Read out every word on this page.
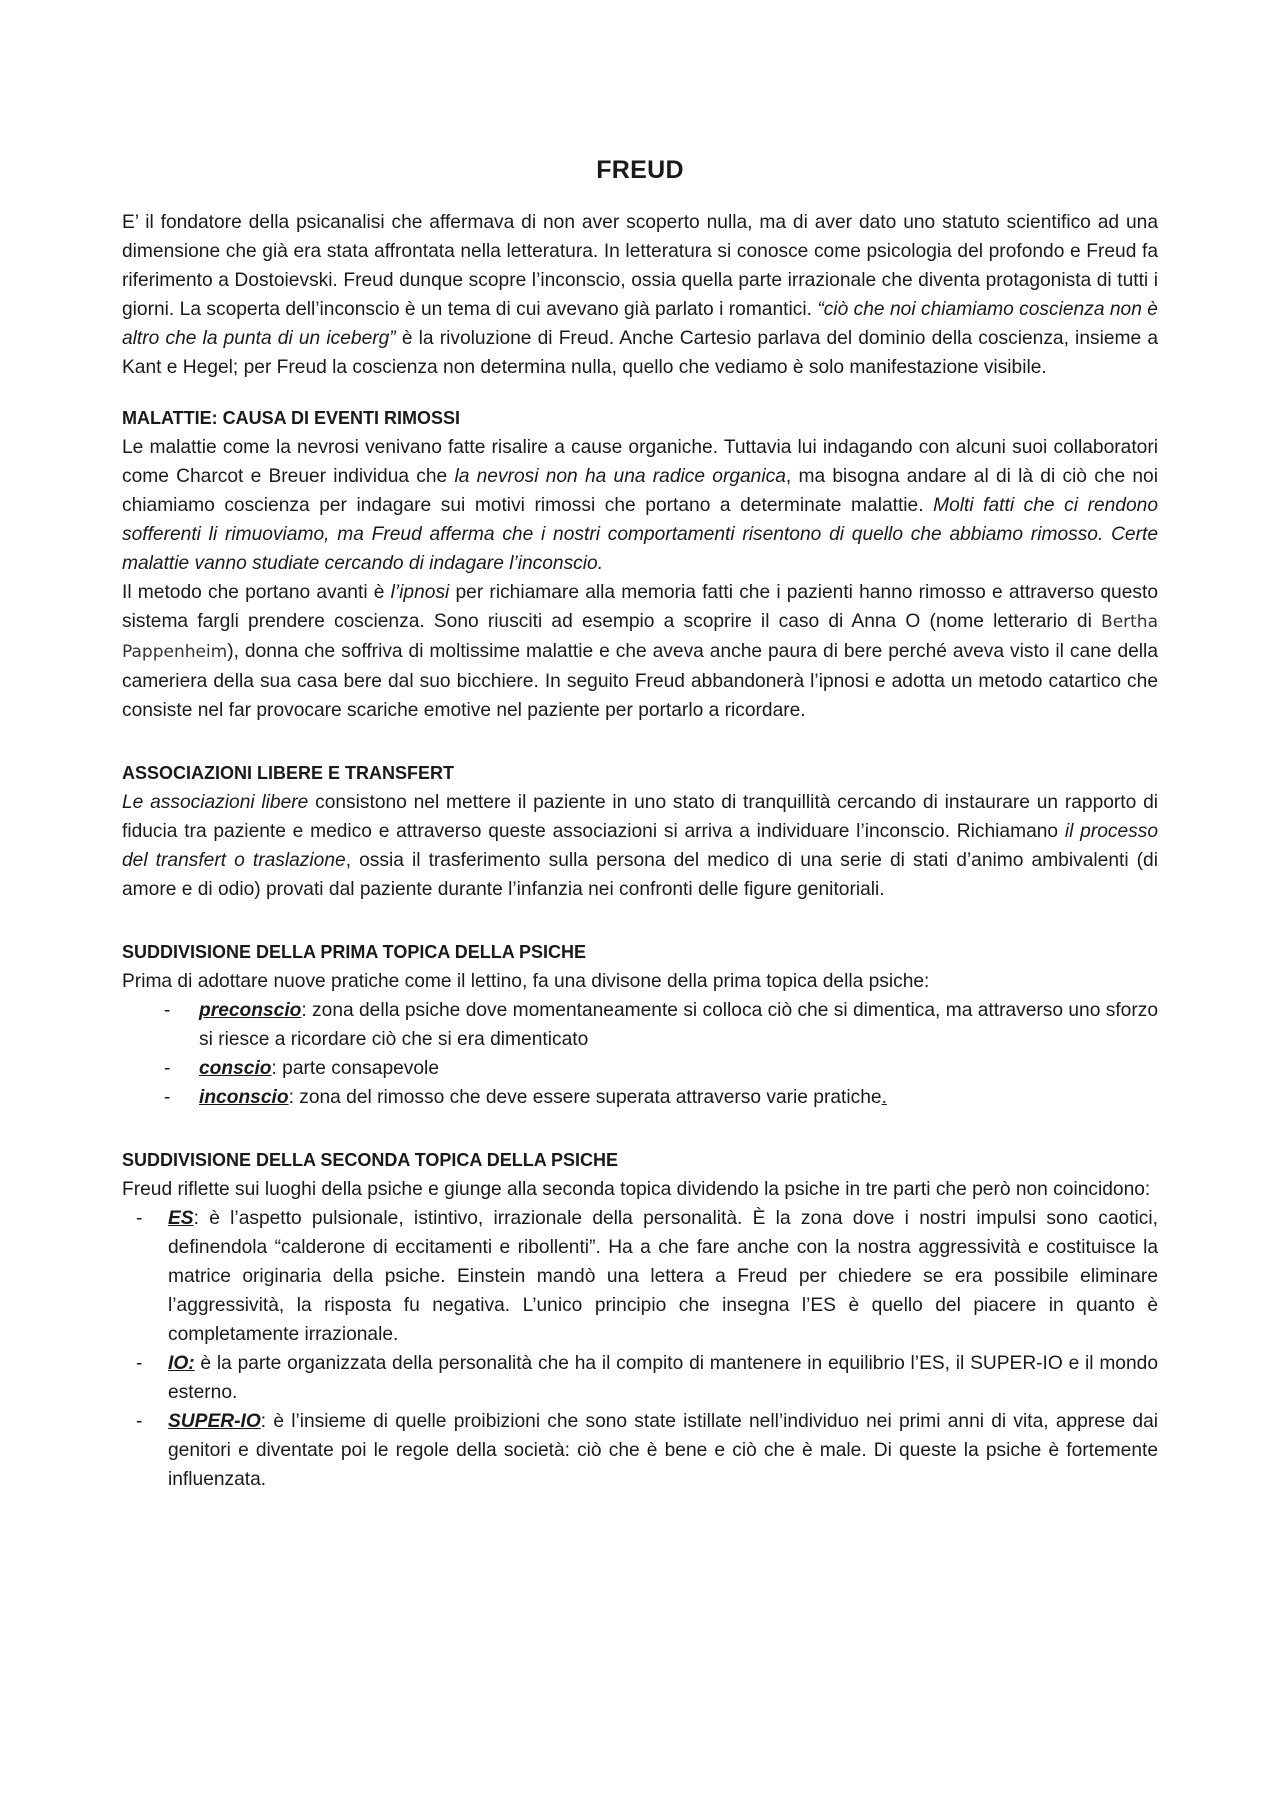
FREUD

E’ il fondatore della psicanalisi che affermava di non aver scoperto nulla, ma di aver dato uno statuto scientifico ad una dimensione che già era stata affrontata nella letteratura. In letteratura si conosce come psicologia del profondo e Freud fa riferimento a Dostoievski. Freud dunque scopre l’inconscio, ossia quella parte irrazionale che diventa protagonista di tutti i giorni. La scoperta dell’inconscio è un tema di cui avevano già parlato i romantici. “ciò che noi chiamiamo coscienza non è altro che la punta di un iceberg” è la rivoluzione di Freud. Anche Cartesio parlava del dominio della coscienza, insieme a Kant e Hegel; per Freud la coscienza non determina nulla, quello che vediamo è solo manifestazione visibile.

MALATTIE: CAUSA DI EVENTI RIMOSSI

Le malattie come la nevrosi venivano fatte risalire a cause organiche. Tuttavia lui indagando con alcuni suoi collaboratori come Charcot e Breuer individua che la nevrosi non ha una radice organica, ma bisogna andare al di là di ciò che noi chiamiamo coscienza per indagare sui motivi rimossi che portano a determinate malattie. Molti fatti che ci rendono sofferenti li rimuoviamo, ma Freud afferma che i nostri comportamenti risentono di quello che abbiamo rimosso. Certe malattie vanno studiate cercando di indagare l’inconscio.

Il metodo che portano avanti è l’ipnosi per richiamare alla memoria fatti che i pazienti hanno rimosso e attraverso questo sistema fargli prendere coscienza. Sono riusciti ad esempio a scoprire il caso di Anna O (nome letterario di Bertha Pappenheim), donna che soffriva di moltissime malattie e che aveva anche paura di bere perché aveva visto il cane della cameriera della sua casa bere dal suo bicchiere. In seguito Freud abbandonerà l’ipnosi e adotta un metodo catartico che consiste nel far provocare scariche emotive nel paziente per portarlo a ricordare.

ASSOCIAZIONI LIBERE E TRANSFERT

Le associazioni libere consistono nel mettere il paziente in uno stato di tranquillità cercando di instaurare un rapporto di fiducia tra paziente e medico e attraverso queste associazioni si arriva a individuare l’inconscio. Richiamano il processo del transfert o traslazione, ossia il trasferimento sulla persona del medico di una serie di stati d’animo ambivalenti (di amore e di odio) provati dal paziente durante l’infanzia nei confronti delle figure genitoriali.

SUDDIVISIONE DELLA PRIMA TOPICA DELLA PSICHE

Prima di adottare nuove pratiche come il lettino, fa una divisone della prima topica della psiche:

- preconscio: zona della psiche dove momentaneamente si colloca ciò che si dimentica, ma attraverso uno sforzo si riesce a ricordare ciò che si era dimenticato
- conscio: parte consapevole
- inconscio: zona del rimosso che deve essere superata attraverso varie pratiche.
SUDDIVISIONE DELLA SECONDA TOPICA DELLA PSICHE

Freud riflette sui luoghi della psiche e giunge alla seconda topica dividendo la psiche in tre parti che però non coincidono:

- ES: è l’aspetto pulsionale, istintivo, irrazionale della personalità. È la zona dove i nostri impulsi sono caotici, definendola “calderone di eccitamenti e ribollenti”. Ha a che fare anche con la nostra aggressività e costituisce la matrice originaria della psiche. Einstein mandò una lettera a Freud per chiedere se era possibile eliminare l’aggressività, la risposta fu negativa. L’unico principio che insegna l’ES è quello del piacere in quanto è completamente irrazionale.
- IO: è la parte organizzata della personalità che ha il compito di mantenere in equilibrio l’ES, il SUPER-IO e il mondo esterno.
- SUPER-IO: è l’insieme di quelle proibizioni che sono state istillate nell’individuo nei primi anni di vita, apprese dai genitori e diventate poi le regole della società: ciò che è bene e ciò che è male. Di queste la psiche è fortemente influenzata.
